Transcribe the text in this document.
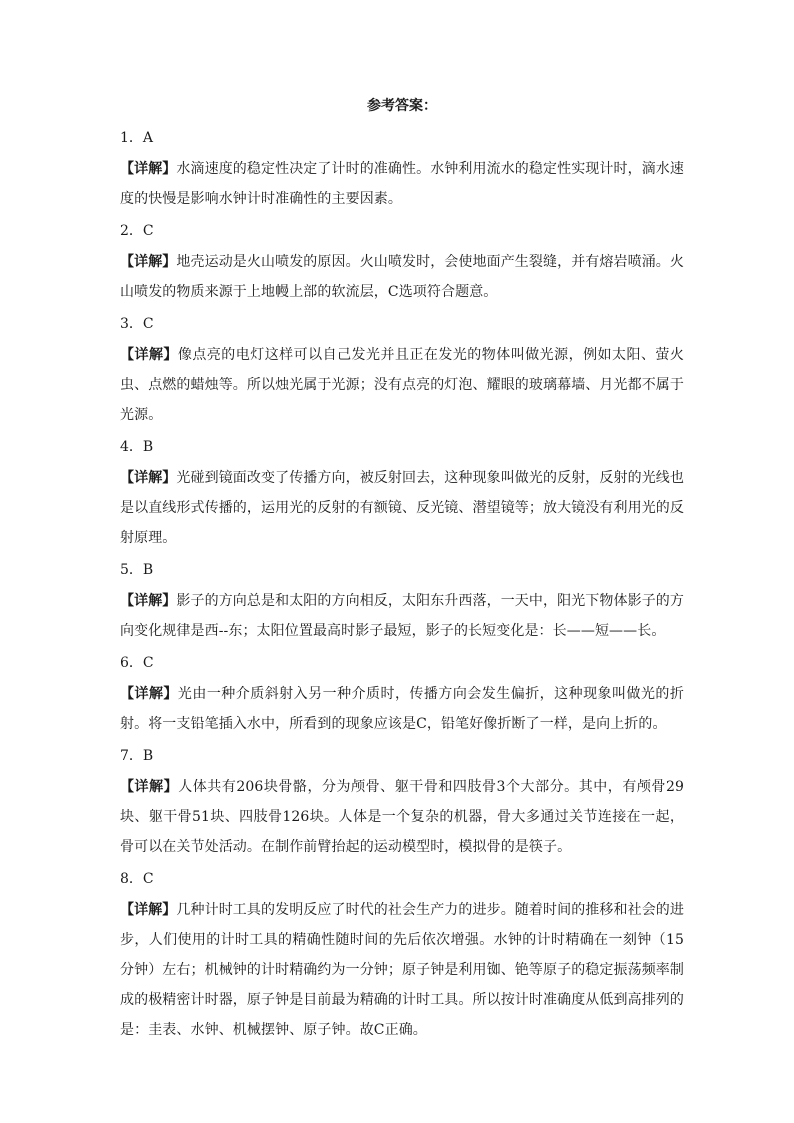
参考答案：
1．A
【详解】水滴速度的稳定性决定了计时的准确性。水钟利用流水的稳定性实现计时，滴水速度的快慢是影响水钟计时准确性的主要因素。
2．C
【详解】地壳运动是火山喷发的原因。火山喷发时，会使地面产生裂缝，并有熔岩喷涌。火山喷发的物质来源于上地幔上部的软流层，C选项符合题意。
3．C
【详解】像点亮的电灯这样可以自己发光并且正在发光的物体叫做光源，例如太阳、萤火虫、点燃的蜡烛等。所以烛光属于光源；没有点亮的灯泡、耀眼的玻璃幕墙、月光都不属于光源。
4．B
【详解】光碰到镜面改变了传播方向，被反射回去，这种现象叫做光的反射，反射的光线也是以直线形式传播的，运用光的反射的有额镜、反光镜、潜望镜等；放大镜没有利用光的反射原理。
5．B
【详解】影子的方向总是和太阳的方向相反，太阳东升西落，一天中，阳光下物体影子的方向变化规律是西--东；太阳位置最高时影子最短，影子的长短变化是：长——短——长。
6．C
【详解】光由一种介质斜射入另一种介质时，传播方向会发生偏折，这种现象叫做光的折射。将一支铅笔插入水中，所看到的现象应该是C，铅笔好像折断了一样，是向上折的。
7．B
【详解】人体共有206块骨骼，分为颅骨、躯干骨和四肢骨3个大部分。其中，有颅骨29块、躯干骨51块、四肢骨126块。人体是一个复杂的机器，骨大多通过关节连接在一起，骨可以在关节处活动。在制作前臂抬起的运动模型时，模拟骨的是筷子。
8．C
【详解】几种计时工具的发明反应了时代的社会生产力的进步。随着时间的推移和社会的进步，人们使用的计时工具的精确性随时间的先后依次增强。水钟的计时精确在一刻钟（15分钟）左右；机械钟的计时精确约为一分钟；原子钟是利用铷、铯等原子的稳定振荡频率制成的极精密计时器，原子钟是目前最为精确的计时工具。所以按计时准确度从低到高排列的是：圭表、水钟、机械摆钟、原子钟。故C正确。
